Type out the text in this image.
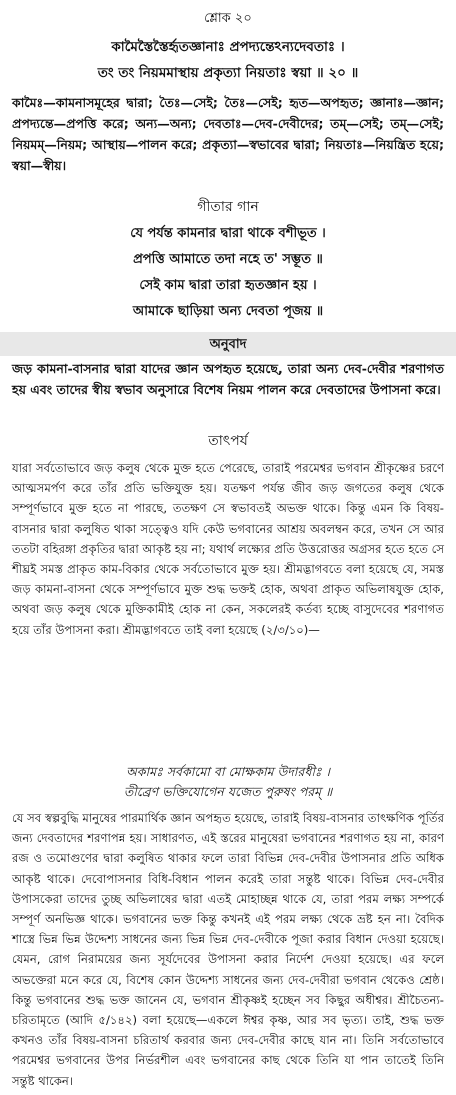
শ্লোক ২০
কামৈস্তৈস্তৈর্হৃতজ্ঞানাঃ প্রপদ্যন্তেঽন্যদেবতাঃ ।
তং তং নিয়মমাস্থায় প্রকৃত্যা নিয়তাঃ স্বয়া ॥ ২০ ॥
কামৈঃ—কামনাসমূহের দ্বারা; তৈঃ—সেই; তৈঃ—সেই; হৃত—অপহৃত; জ্ঞানাঃ—জ্ঞান; প্রপদ্যন্তে—প্রপত্তি করে; অন্য—অন্য; দেবতাঃ—দেব-দেবীদের; তম্—সেই; তম্—সেই; নিয়মম্—নিয়ম; আস্থায়—পালন করে; প্রকৃত্যা—স্বভাবের দ্বারা; নিয়তাঃ—নিয়ন্ত্রিত হয়ে; স্বয়া—স্বীয়।
গীতার গান
যে পর্যন্ত কামনার দ্বারা থাকে বশীভূত ।
প্রপত্তি আমাতে তদা নহে ত' সম্ভূত ॥
সেই কাম দ্বারা তারা হৃতজ্ঞান হয় ।
আমাকে ছাড়িয়া অন্য দেবতা পূজয় ॥
অনুবাদ
জড় কামনা-বাসনার দ্বারা যাদের জ্ঞান অপহৃত হয়েছে, তারা অন্য দেব-দেবীর শরণাগত হয় এবং তাদের স্বীয় স্বভাব অনুসারে বিশেষ নিয়ম পালন করে দেবতাদের উপাসনা করে।
তাৎপর্য
যারা সর্বতোভাবে জড় কলুষ থেকে মুক্ত হতে পেরেছে, তারাই পরমেশ্বর ভগবান শ্রীকৃষ্ণের চরণে আত্মসমর্পণ করে তাঁর প্রতি ভক্তিযুক্ত হয়। যতক্ষণ পর্যন্ত জীব জড় জগতের কলুষ থেকে সম্পূর্ণভাবে মুক্ত হতে না পারছে, ততক্ষণ সে স্বভাবতই অভক্ত থাকে। কিন্তু এমন কি বিষয়-বাসনার দ্বারা কলুষিত থাকা সত্ত্বেও যদি কেউ ভগবানের আশ্রয় অবলম্বন করে, তখন সে আর ততটা বহিরঙ্গা প্রকৃতির দ্বারা আকৃষ্ট হয় না; যথার্থ লক্ষ্যের প্রতি উত্তরোত্তর অগ্রসর হতে হতে সে শীঘ্রই সমস্ত প্রাকৃত কাম-বিকার থেকে সর্বতোভাবে মুক্ত হয়। শ্রীমদ্ভাগবতে বলা হয়েছে যে, সমস্ত জড় কামনা-বাসনা থেকে সম্পূর্ণভাবে মুক্ত শুদ্ধ ভক্তই হোক, অথবা প্রাকৃত অভিলাষযুক্ত হোক, অথবা জড় কলুষ থেকে মুক্তিকামীই হোক না কেন, সকলেরই কর্তব্য হচ্ছে বাসুদেবের শরণাগত হয়ে তাঁর উপাসনা করা। শ্রীমদ্ভাগবতে তাই বলা হয়েছে (২/৩/১০)—
অকামঃ সর্বকামো বা মোক্ষকাম উদারধীঃ ।
তীব্রেণ ভক্তিযোগেন যজেত পুরুষং পরম্ ॥
যে সব স্বল্পবুদ্ধি মানুষের পারমার্থিক জ্ঞান অপহৃত হয়েছে, তারাই বিষয়-বাসনার তাৎক্ষণিক পূর্তির জন্য দেবতাদের শরণাপন্ন হয়। সাধারণত, এই স্তরের মানুষেরা ভগবানের শরণাগত হয় না, কারণ রজ ও তমোগুণের দ্বারা কলুষিত থাকার ফলে তারা বিভিন্ন দেব-দেবীর উপাসনার প্রতি অধিক আকৃষ্ট থাকে। দেবোপাসনার বিধি-বিধান পালন করেই তারা সন্তুষ্ট থাকে। বিভিন্ন দেব-দেবীর উপাসকেরা তাদের তুচ্ছ অভিলাষের দ্বারা এতই মোহাচ্ছন্ন থাকে যে, তারা পরম লক্ষ্য সম্পর্কে সম্পূর্ণ অনভিজ্ঞ থাকে। ভগবানের ভক্ত কিন্তু কখনই এই পরম লক্ষ্য থেকে ভ্রষ্ট হন না। বৈদিক শাস্ত্রে ভিন্ন ভিন্ন উদ্দেশ্য সাধনের জন্য ভিন্ন ভিন্ন দেব-দেবীকে পূজা করার বিধান দেওয়া হয়েছে। যেমন, রোগ নিরাময়ের জন্য সূর্যদেবের উপাসনা করার নির্দেশ দেওয়া হয়েছে। এর ফলে অভক্তেরা মনে করে যে, বিশেষ কোন উদ্দেশ্য সাধনের জন্য দেব-দেবীরা ভগবান থেকেও শ্রেষ্ঠ। কিন্তু ভগবানের শুদ্ধ ভক্ত জানেন যে, ভগবান শ্রীকৃষ্ণই হচ্ছেন সব কিছুর অধীশ্বর। শ্রীচৈতন্য-চরিতামৃতে (আদি ৫/১৪২) বলা হয়েছে—একলে ঈশ্বর কৃষ্ণ, আর সব ভৃত্য। তাই, শুদ্ধ ভক্ত কখনও তাঁর বিষয়-বাসনা চরিতার্থ করবার জন্য দেব-দেবীর কাছে যান না। তিনি সর্বতোভাবে পরমেশ্বর ভগবানের উপর নির্ভরশীল এবং ভগবানের কাছ থেকে তিনি যা পান তাতেই তিনি সন্তুষ্ট থাকেন।
